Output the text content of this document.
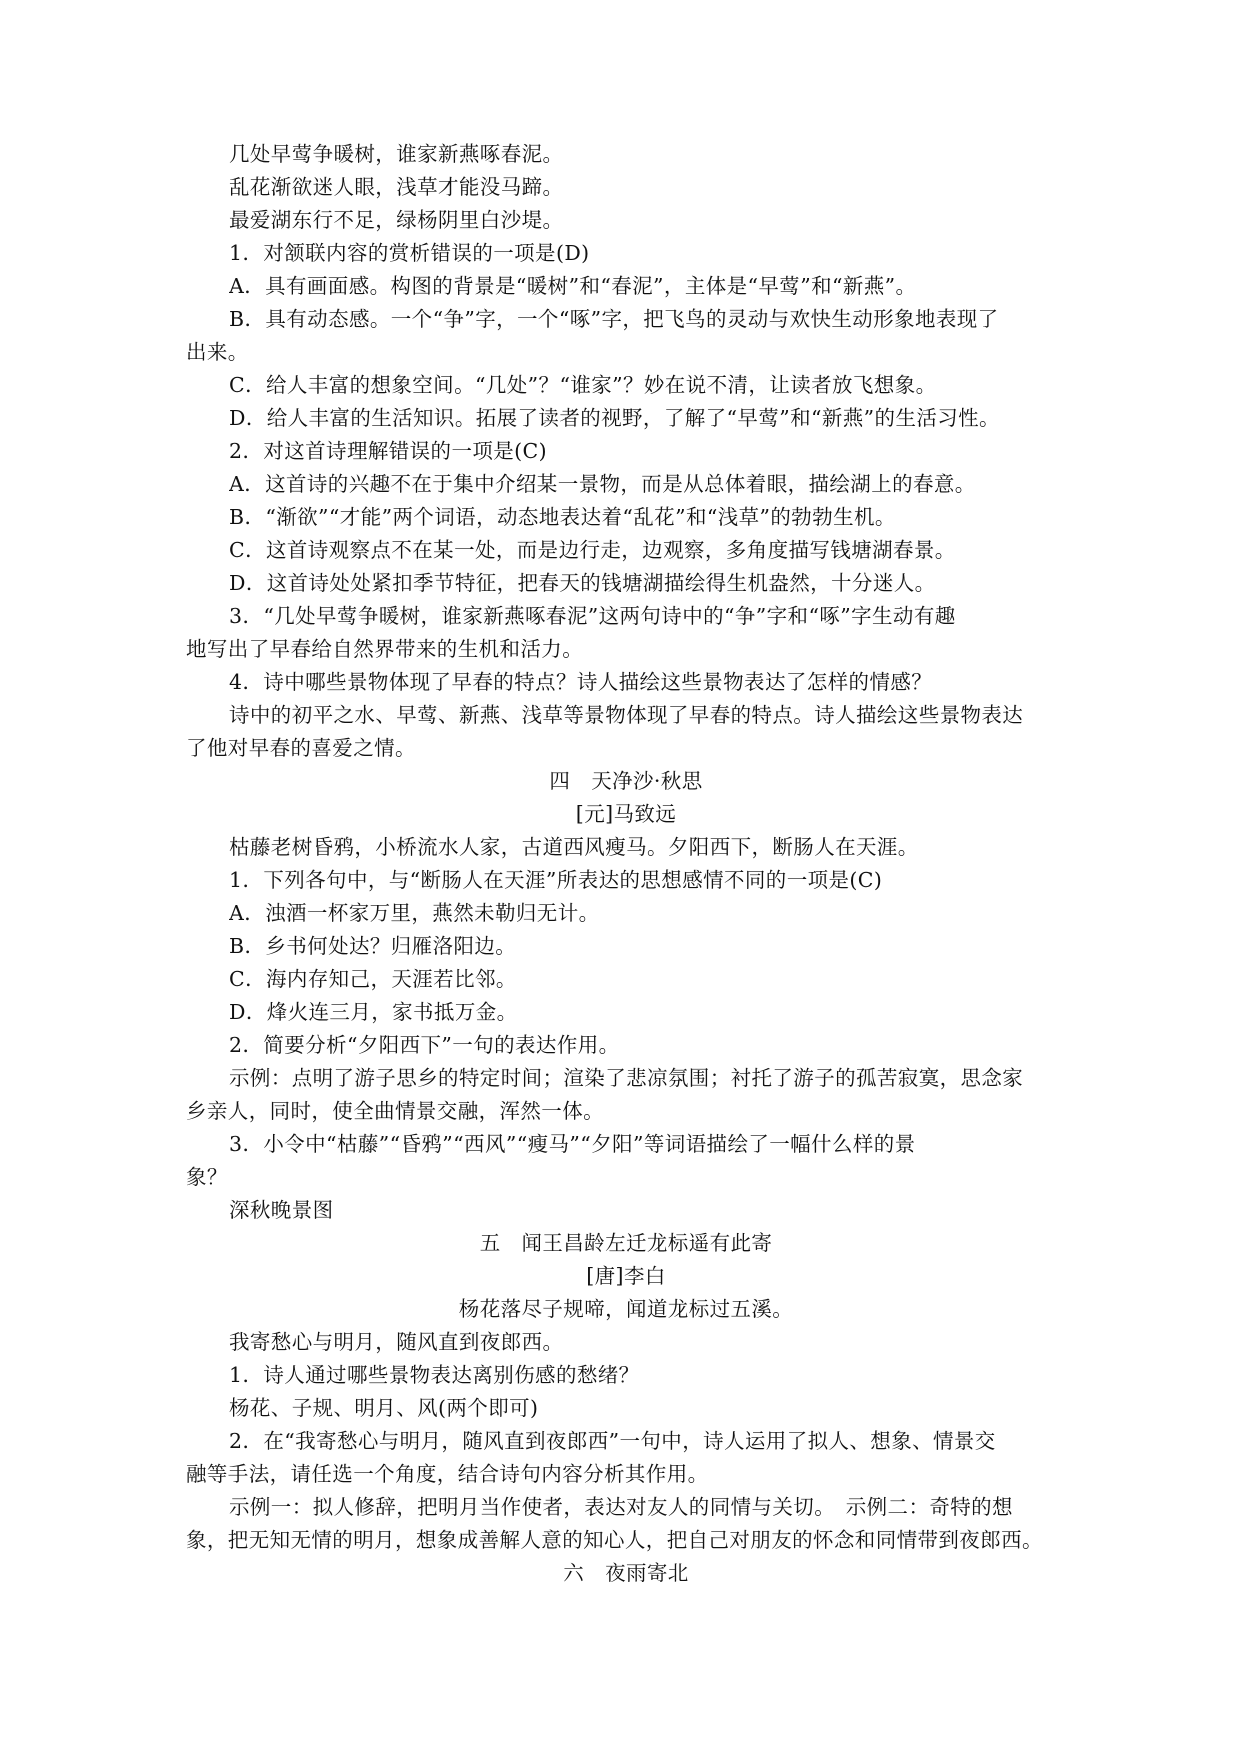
几处早莺争暖树，谁家新燕啄春泥。
乱花渐欲迷人眼，浅草才能没马蹄。
最爱湖东行不足，绿杨阴里白沙堤。
1．对颔联内容的赏析错误的一项是(D)
A．具有画面感。构图的背景是“暖树”和“春泥”，主体是“早莺”和“新燕”。
B．具有动态感。一个“争”字，一个“啄”字，把飞鸟的灵动与欢快生动形象地表现了
出来。
C．给人丰富的想象空间。“几处”？“谁家”？妙在说不清，让读者放飞想象。
D．给人丰富的生活知识。拓展了读者的视野，了解了“早莺”和“新燕”的生活习性。
2．对这首诗理解错误的一项是(C)
A．这首诗的兴趣不在于集中介绍某一景物，而是从总体着眼，描绘湖上的春意。
B．“渐欲”“才能”两个词语，动态地表达着“乱花”和“浅草”的勃勃生机。
C．这首诗观察点不在某一处，而是边行走，边观察，多角度描写钱塘湖春景。
D．这首诗处处紧扣季节特征，把春天的钱塘湖描绘得生机盎然，十分迷人。
3．“几处早莺争暖树，谁家新燕啄春泥”这两句诗中的“争”字和“啄”字生动有趣
地写出了早春给自然界带来的生机和活力。
4．诗中哪些景物体现了早春的特点？诗人描绘这些景物表达了怎样的情感？
诗中的初平之水、早莺、新燕、浅草等景物体现了早春的特点。诗人描绘这些景物表达
了他对早春的喜爱之情。
四　天净沙·秋思
[元]马致远
枯藤老树昏鸦，小桥流水人家，古道西风瘦马。夕阳西下，断肠人在天涯。
1．下列各句中，与“断肠人在天涯”所表达的思想感情不同的一项是(C)
A．浊酒一杯家万里，燕然未勒归无计。
B．乡书何处达？归雁洛阳边。
C．海内存知己，天涯若比邻。
D．烽火连三月，家书抵万金。
2．简要分析“夕阳西下”一句的表达作用。
示例：点明了游子思乡的特定时间；渲染了悲凉氛围；衬托了游子的孤苦寂寞，思念家
乡亲人，同时，使全曲情景交融，浑然一体。
3．小令中“枯藤”“昏鸦”“西风”“瘦马”“夕阳”等词语描绘了一幅什么样的景
象？
深秋晚景图
五　闻王昌龄左迁龙标遥有此寄
[唐]李白
杨花落尽子规啼，闻道龙标过五溪。
我寄愁心与明月，随风直到夜郎西。
1．诗人通过哪些景物表达离别伤感的愁绪？
杨花、子规、明月、风(两个即可)
2．在“我寄愁心与明月，随风直到夜郎西”一句中，诗人运用了拟人、想象、情景交
融等手法，请任选一个角度，结合诗句内容分析其作用。
示例一：拟人修辞，把明月当作使者，表达对友人的同情与关切。　示例二：奇特的想
象，把无知无情的明月，想象成善解人意的知心人，把自己对朋友的怀念和同情带到夜郎西。
六　夜雨寄北
